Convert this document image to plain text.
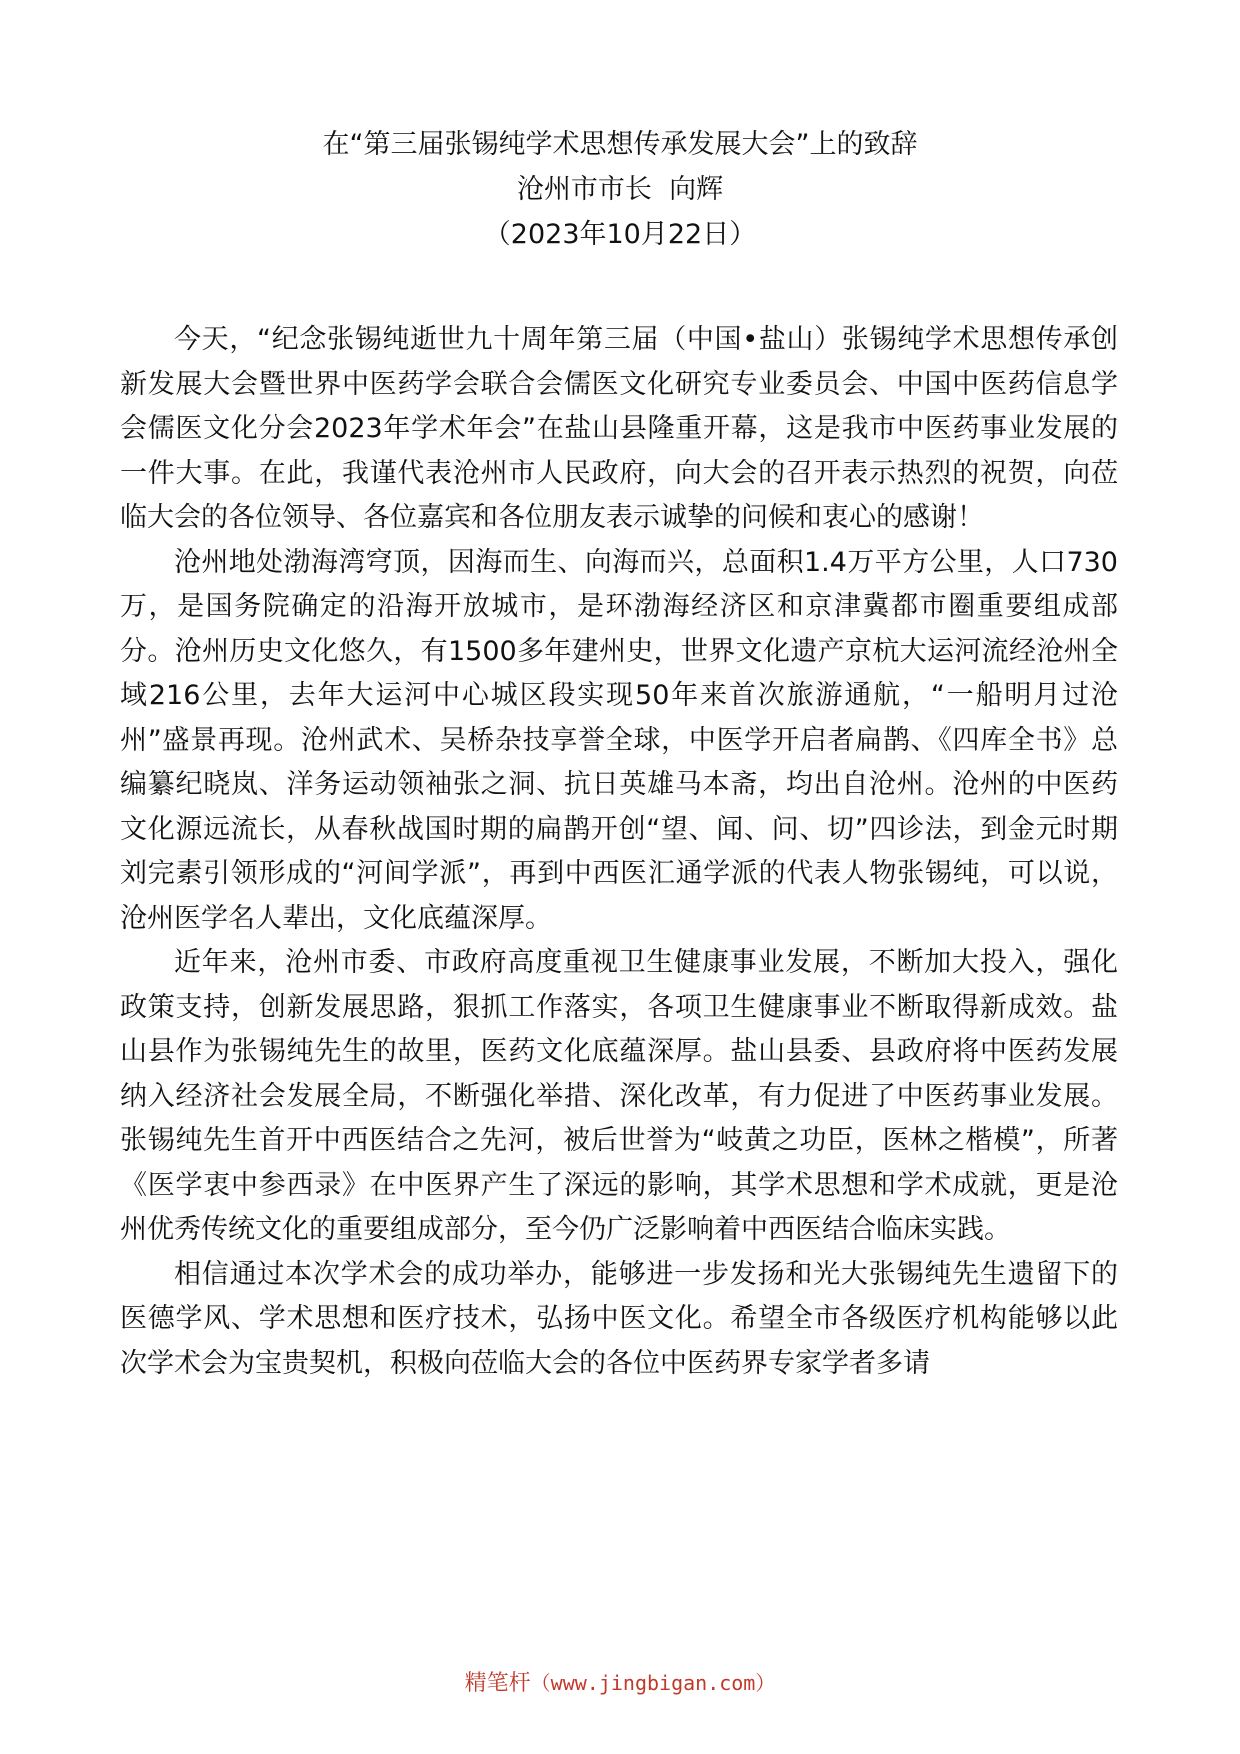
在“第三届张锡纯学术思想传承发展大会”上的致辞
沧州市市长  向辉
（2023年10月22日）

今天，“纪念张锡纯逝世九十周年第三届（中国•盐山）张锡纯学术思想传承创新发展大会暨世界中医药学会联合会儒医文化研究专业委员会、中国中医药信息学会儒医文化分会2023年学术年会”在盐山县隆重开幕，这是我市中医药事业发展的一件大事。在此，我谨代表沧州市人民政府，向大会的召开表示热烈的祝贺，向莅临大会的各位领导、各位嘉宾和各位朋友表示诚挚的问候和衷心的感谢！

沧州地处渤海湾穹顶，因海而生、向海而兴，总面积1.4万平方公里，人口730万，是国务院确定的沿海开放城市，是环渤海经济区和京津冀都市圈重要组成部分。沧州历史文化悠久，有1500多年建州史，世界文化遗产京杭大运河流经沧州全域216公里，去年大运河中心城区段实现50年来首次旅游通航，“一船明月过沧州”盛景再现。沧州武术、吴桥杂技享誉全球，中医学开启者扁鹊、《四库全书》总编纂纪晓岚、洋务运动领袖张之洞、抗日英雄马本斋，均出自沧州。沧州的中医药文化源远流长，从春秋战国时期的扁鹊开创“望、闻、问、切”四诊法，到金元时期刘完素引领形成的“河间学派”，再到中西医汇通学派的代表人物张锡纯，可以说，沧州医学名人辈出，文化底蕴深厚。

近年来，沧州市委、市政府高度重视卫生健康事业发展，不断加大投入，强化政策支持，创新发展思路，狠抓工作落实，各项卫生健康事业不断取得新成效。盐山县作为张锡纯先生的故里，医药文化底蕴深厚。盐山县委、县政府将中医药发展纳入经济社会发展全局，不断强化举措、深化改革，有力促进了中医药事业发展。张锡纯先生首开中西医结合之先河，被后世誉为“岐黄之功臣，医林之楷模”，所著《医学衷中参西录》在中医界产生了深远的影响，其学术思想和学术成就，更是沧州优秀传统文化的重要组成部分，至今仍广泛影响着中西医结合临床实践。

相信通过本次学术会的成功举办，能够进一步发扬和光大张锡纯先生遗留下的医德学风、学术思想和医疗技术，弘扬中医文化。希望全市各级医疗机构能够以此次学术会为宝贵契机，积极向莅临大会的各位中医药界专家学者多请

精笔杆（www.jingbigan.com）
